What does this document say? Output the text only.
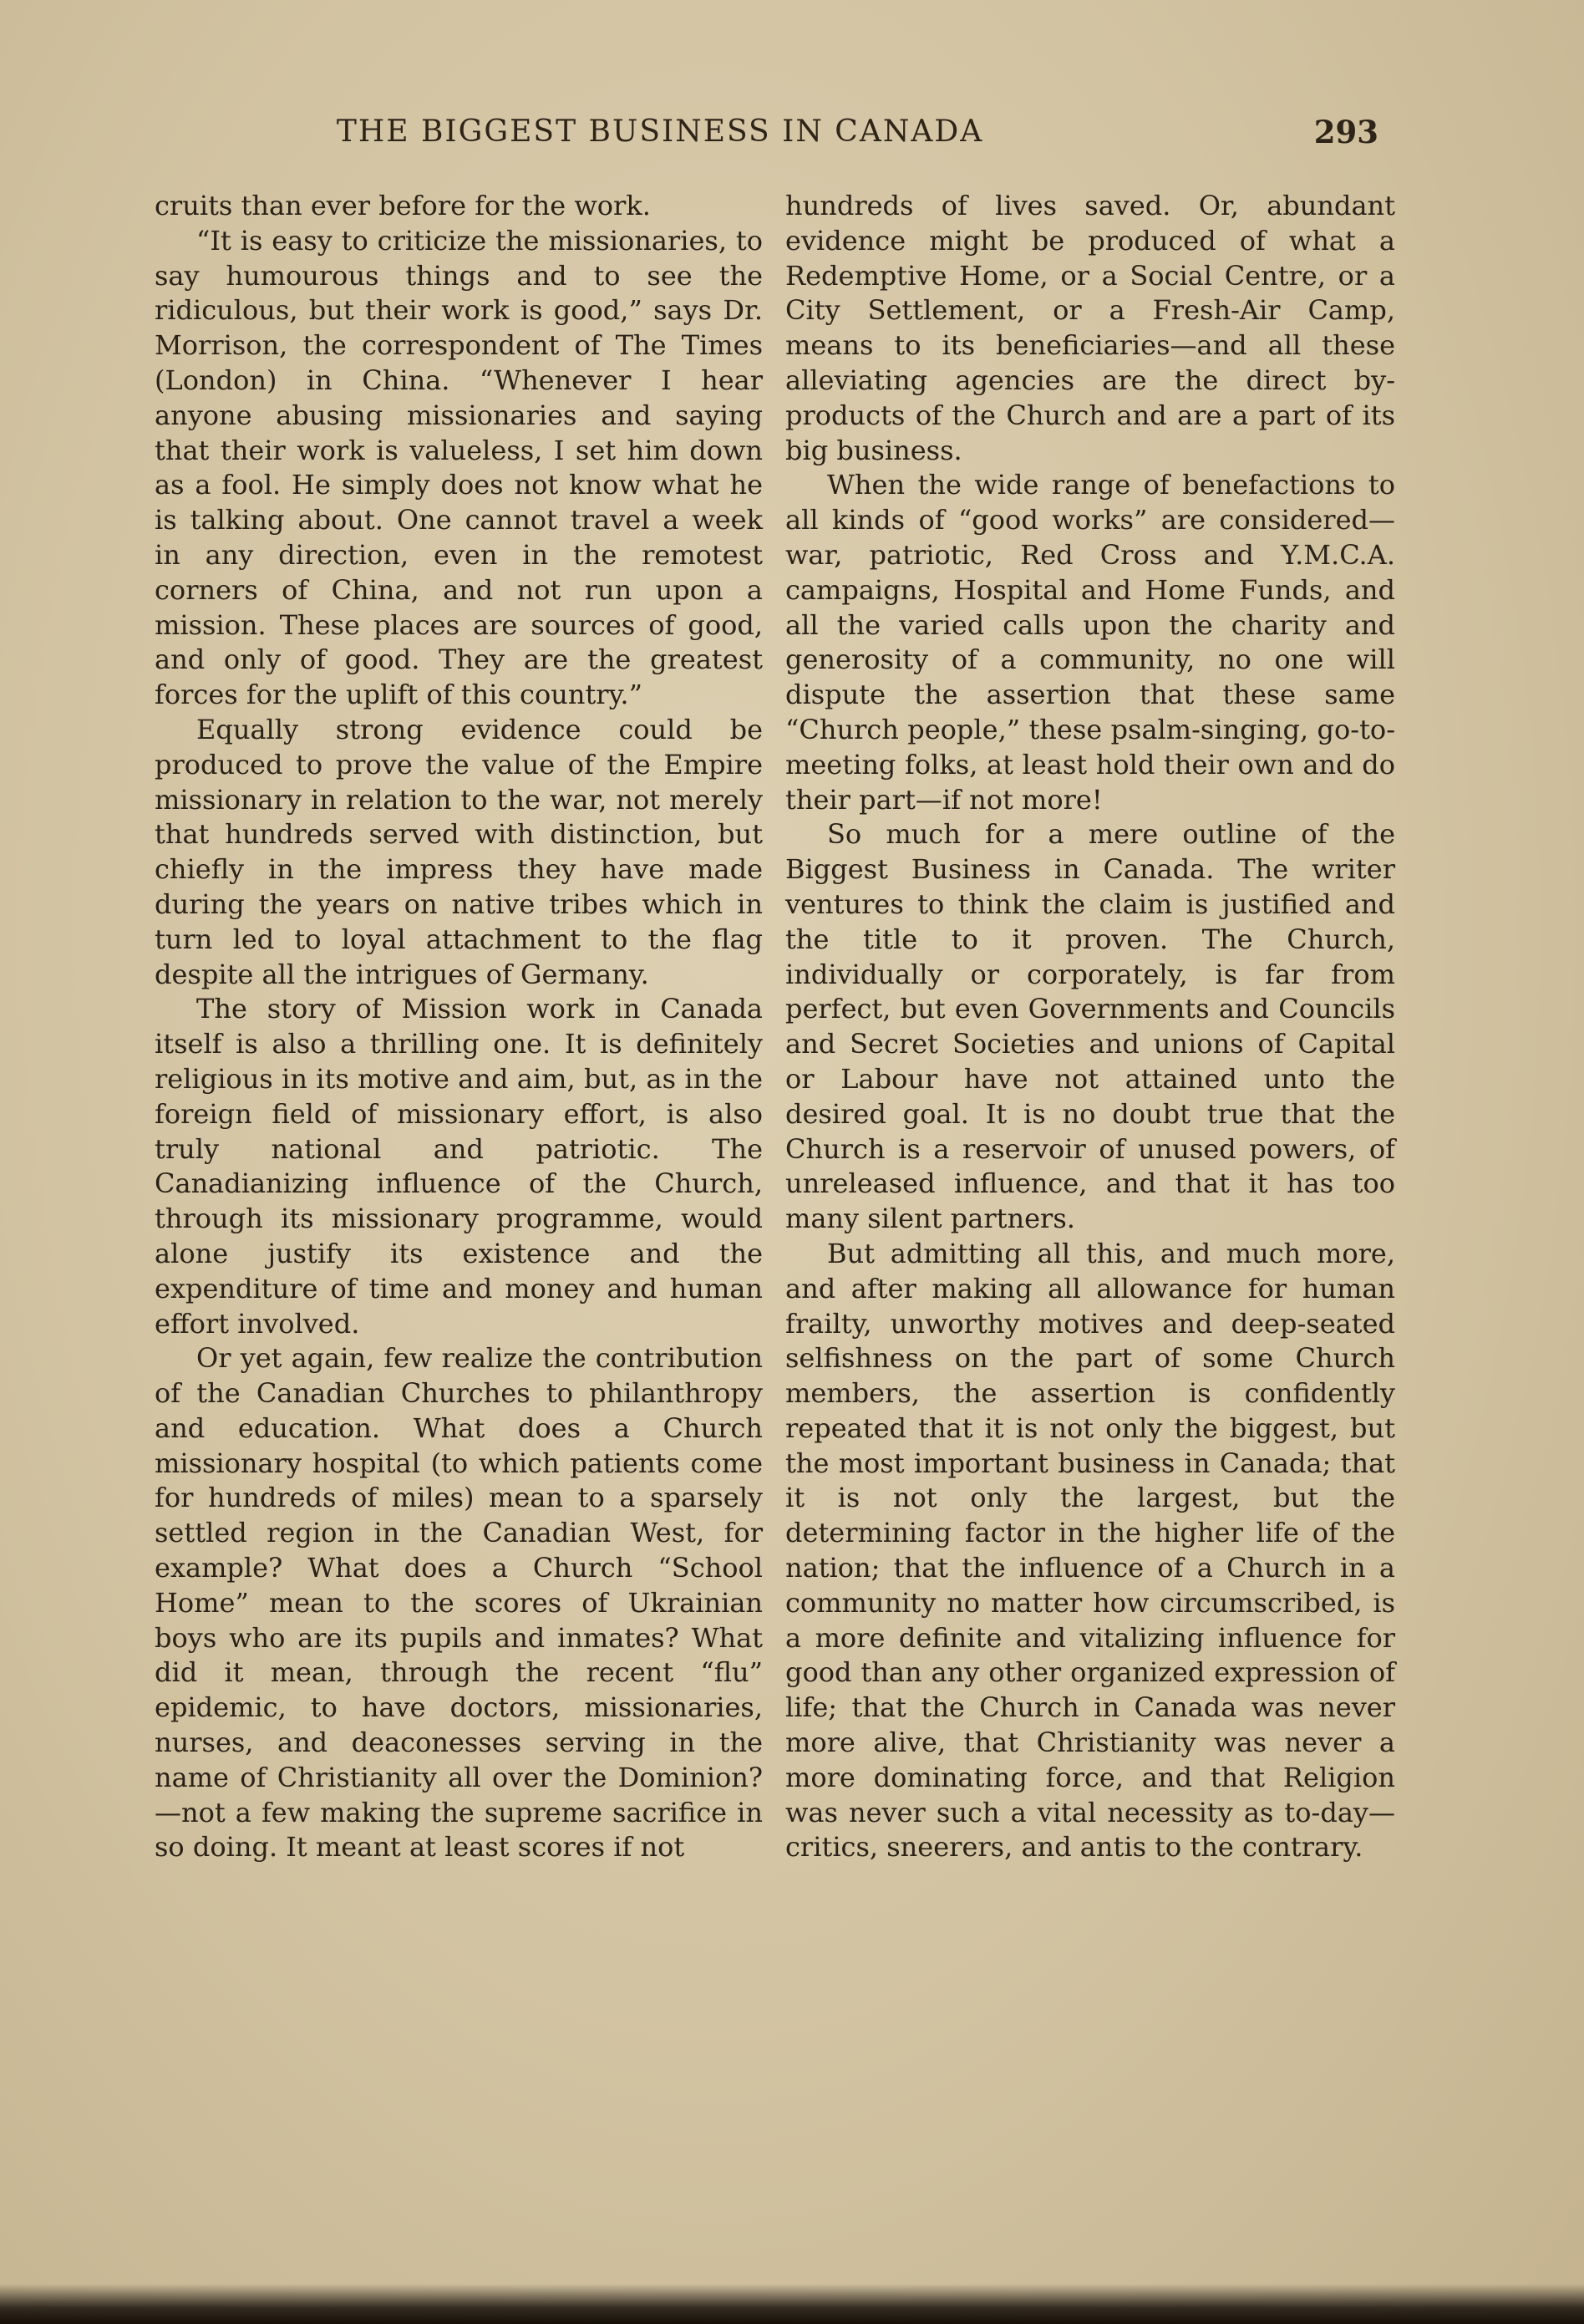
THE BIGGEST BUSINESS IN CANADA	293

cruits than ever before for the work.

“It is easy to criticize the missionaries, to say humourous things and to see the ridiculous, but their work is good,” says Dr. Morrison, the correspondent of The Times (London) in China. “Whenever I hear anyone abusing missionaries and saying that their work is valueless, I set him down as a fool. He simply does not know what he is talking about. One cannot travel a week in any direction, even in the remotest corners of China, and not run upon a mission. These places are sources of good, and only of good. They are the greatest forces for the uplift of this country.”

Equally strong evidence could be produced to prove the value of the Empire missionary in relation to the war, not merely that hundreds served with distinction, but chiefly in the impress they have made during the years on native tribes which in turn led to loyal attachment to the flag despite all the intrigues of Germany.

The story of Mission work in Canada itself is also a thrilling one. It is definitely religious in its motive and aim, but, as in the foreign field of missionary effort, is also truly national and patriotic. The Canadianizing influence of the Church, through its missionary programme, would alone justify its existence and the expenditure of time and money and human effort involved.

Or yet again, few realize the contribution of the Canadian Churches to philanthropy and education. What does a Church missionary hospital (to which patients come for hundreds of miles) mean to a sparsely settled region in the Canadian West, for example? What does a Church “School Home” mean to the scores of Ukrainian boys who are its pupils and inmates? What did it mean, through the recent “flu” epidemic, to have doctors, missionaries, nurses, and deaconesses serving in the name of Christianity all over the Dominion?—not a few making the supreme sacrifice in so doing. It meant at least scores if not

hundreds of lives saved. Or, abundant evidence might be produced of what a Redemptive Home, or a Social Centre, or a City Settlement, or a Fresh-Air Camp, means to its beneficiaries—and all these alleviating agencies are the direct by-products of the Church and are a part of its big business.

When the wide range of benefactions to all kinds of “good works” are considered—war, patriotic, Red Cross and Y.M.C.A. campaigns, Hospital and Home Funds, and all the varied calls upon the charity and generosity of a community, no one will dispute the assertion that these same “Church people,” these psalm-singing, go-to-meeting folks, at least hold their own and do their part—if not more!

So much for a mere outline of the Biggest Business in Canada. The writer ventures to think the claim is justified and the title to it proven. The Church, individually or corporately, is far from perfect, but even Governments and Councils and Secret Societies and unions of Capital or Labour have not attained unto the desired goal. It is no doubt true that the Church is a reservoir of unused powers, of unreleased influence, and that it has too many silent partners.

But admitting all this, and much more, and after making all allowance for human frailty, unworthy motives and deep-seated selfishness on the part of some Church members, the assertion is confidently repeated that it is not only the biggest, but the most important business in Canada; that it is not only the largest, but the determining factor in the higher life of the nation; that the influence of a Church in a community no matter how circumscribed, is a more definite and vitalizing influence for good than any other organized expression of life; that the Church in Canada was never more alive, that Christianity was never a more dominating force, and that Religion was never such a vital necessity as to-day—critics, sneerers, and antis to the contrary.
